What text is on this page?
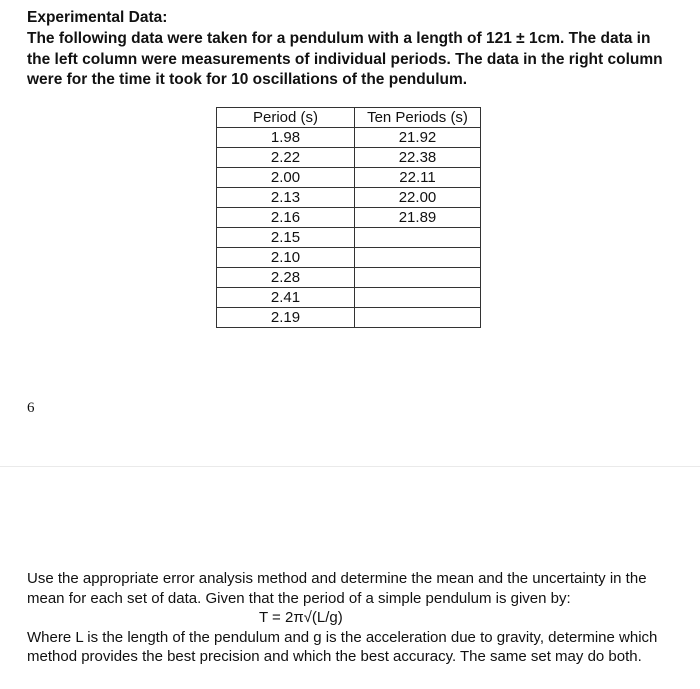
Experimental Data:

The following data were taken for a pendulum with a length of 121 ± 1cm. The data in the left column were measurements of individual periods. The data in the right column were for the time it took for 10 oscillations of the pendulum.

Period (s)	Ten Periods (s)
1.98	21.92
2.22	22.38
2.00	22.11
2.13	22.00
2.16	21.89
2.15	
2.10	
2.28	
2.41	
2.19	
6

Use the appropriate error analysis method and determine the mean and the uncertainty in the mean for each set of data. Given that the period of a simple pendulum is given by:

T = 2π√(L/g)

Where L is the length of the pendulum and g is the acceleration due to gravity, determine which method provides the best precision and which the best accuracy. The same set may do both.
